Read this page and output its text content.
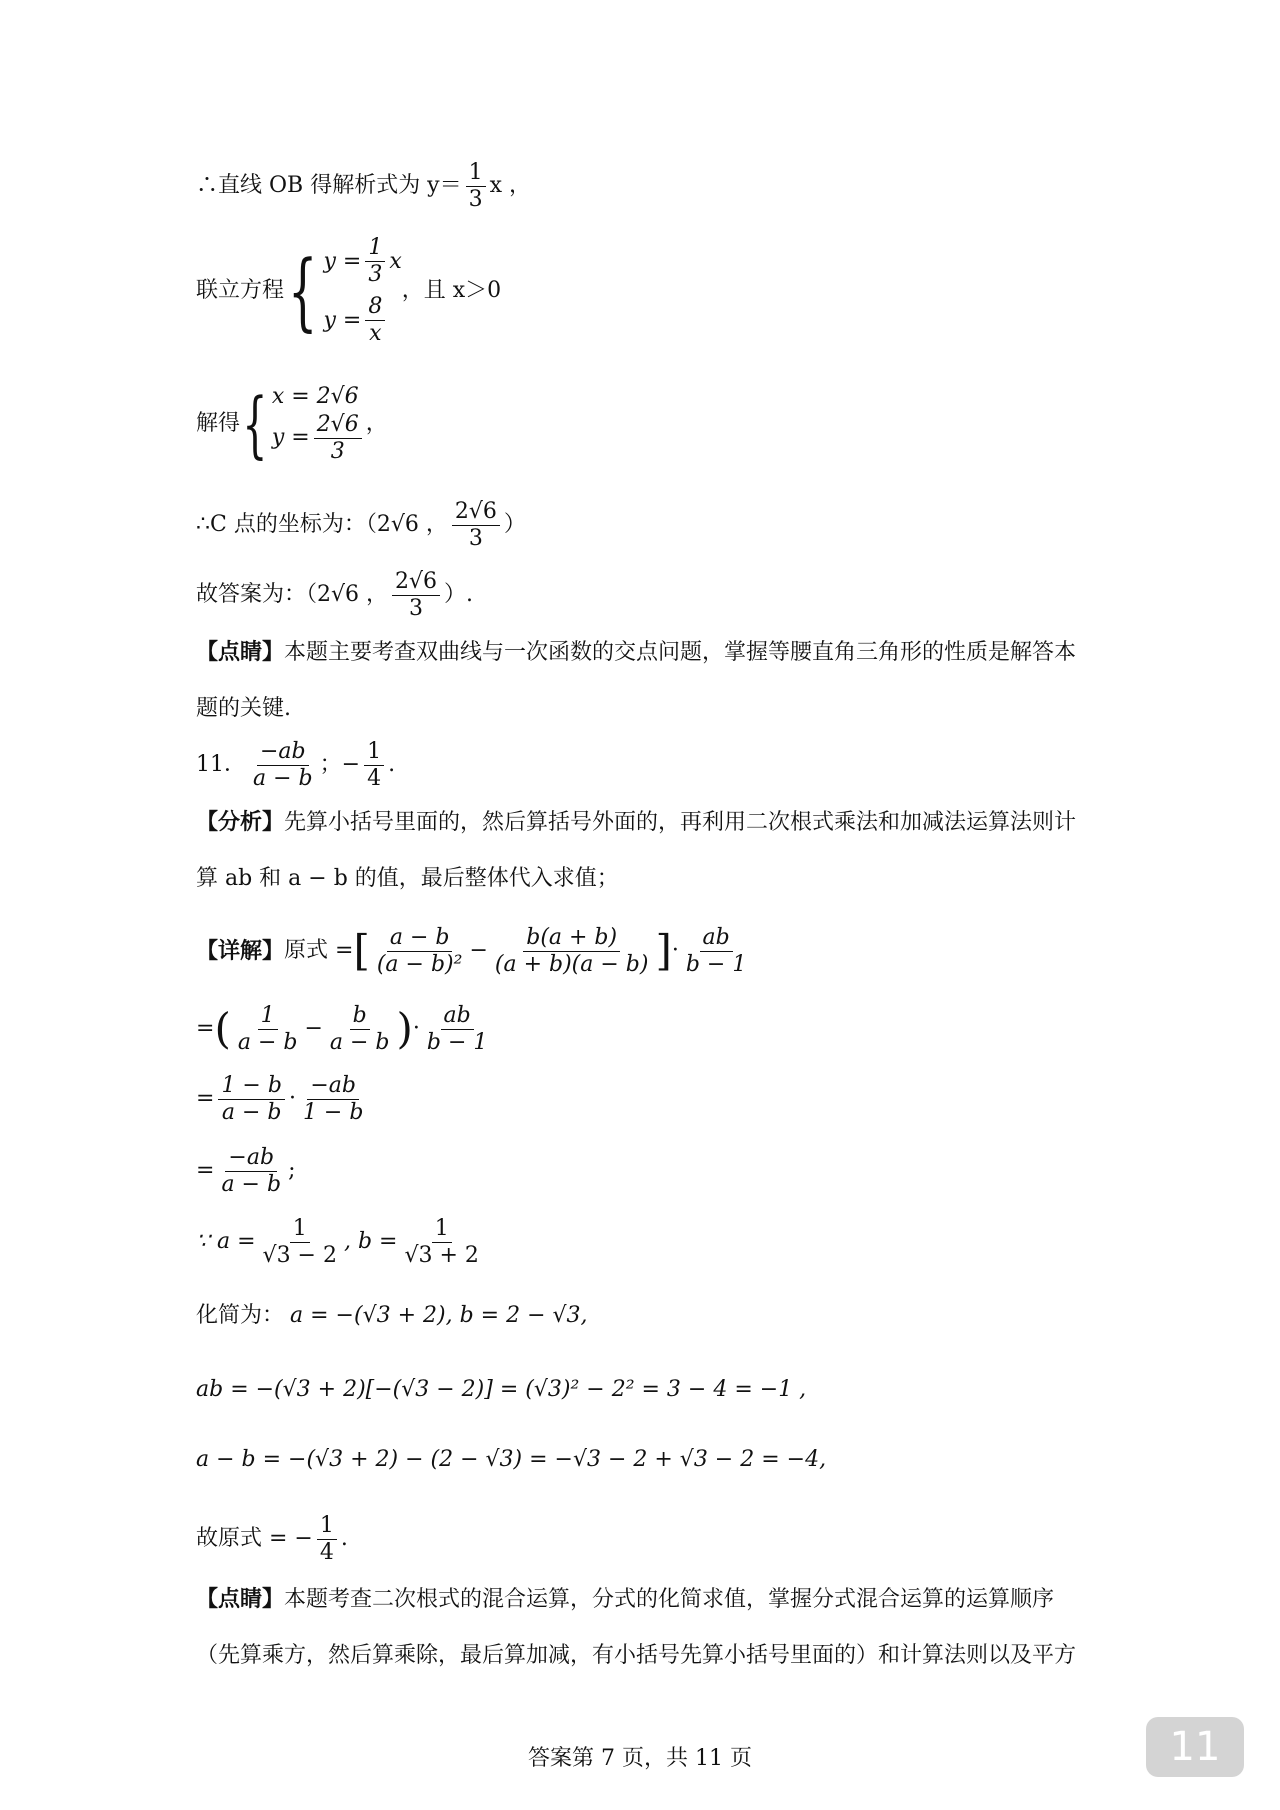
∴直线 OB 得解析式为 $y= \frac{1}{3}$ x ，
联立方程 { $y = \frac{1}{3}$ x
$y = \frac{8}{x}$
，且 x＞0
解得 { x = 2√6
$y = \frac{2√6}{3}$ ，
∴C 点的坐标为：（ 2√6 ， $\frac{2√6}{3}$ ）
故答案为：（ 2√6 ， $\frac{2√6}{3}$ ）.

【点睛】本题主要考查双曲线与一次函数的交点问题，掌握等腰直角三角形的性质是解答本题的关键.

11． $\frac{-ab}{a - b}$ ；− $\frac{1}{4}$ .

【分析】先算小括号里面的，然后算括号外面的，再利用二次根式乘法和加减法运算法则计算 ab 和 a − b 的值，最后整体代入求值；

【详解】 原式 = [ $\frac{a - b}{\text{(a − b)²}} - \frac{b(a + b)}{(a + b)(a - b)}$ ] · $\frac{ab}{b - 1}$
= ( $\frac{1}{a - b} - \frac{b}{a - b}$ ) · $\frac{ab}{b - 1}$
= $\frac{1 - b}{a - b} \cdot \frac{-ab}{1 - b}$
= $\frac{-ab}{a - b}$ ;
∵ $a = \frac{1}{√3 - 2}$ , $b = \frac{1}{√3 + 2}$
化简为： a = −(√3 + 2), b = 2 − √3,
ab = −(√3 + 2)[−(√3 − 2)] = (√3)² − 2² = 3 − 4 = −1 ,
a − b = −(√3 + 2) − (2 − √3) = −√3 − 2 + √3 − 2 = −4,
故原式 = − $\frac{1}{4}$ .

【点睛】本题考查二次根式的混合运算，分式的化简求值，掌握分式混合运算的运算顺序（先算乘方，然后算乘除，最后算加减，有小括号先算小括号里面的）和计算法则以及平方

答案第 7 页，共 11 页	11
